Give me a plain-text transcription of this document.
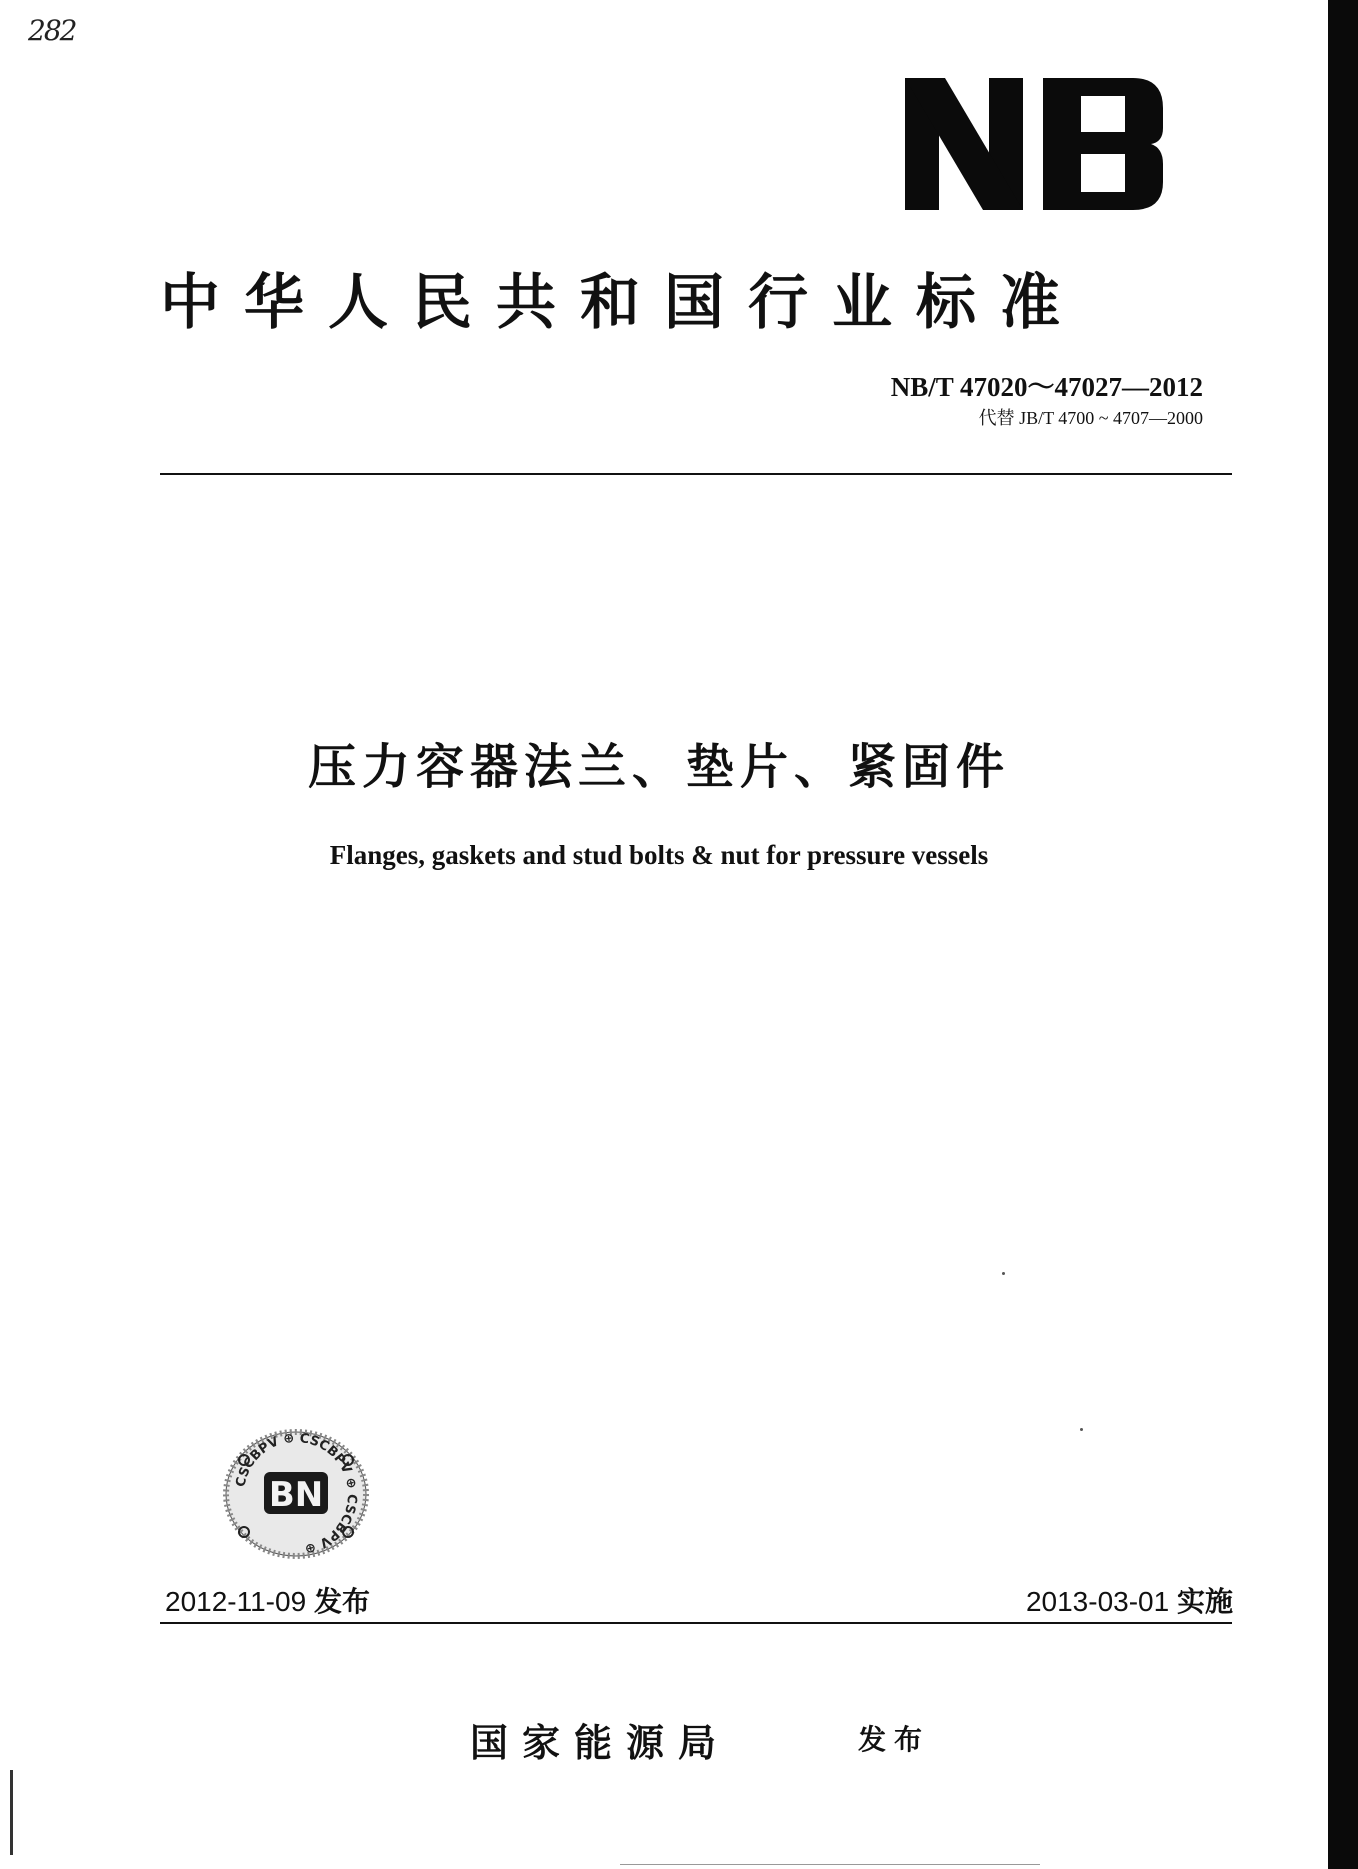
282
中华人民共和国行业标准
NB/T 47020～47027—2012
代替 JB/T 4700 ~ 4707—2000
压力容器法兰、垫片、紧固件
Flanges, gaskets and stud bolts & nut for pressure vessels
CSCBPV ⊕ CSCBPV ⊕ CSCBPV ⊕
BN
2012-11-09 发布	2013-03-01 实施
国家能源局	发布
